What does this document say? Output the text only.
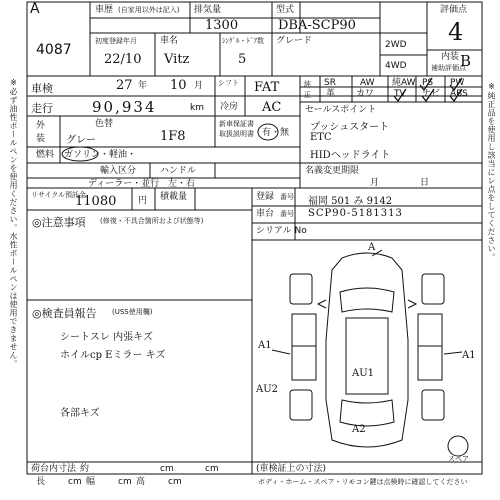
A
4087
※必ず油性ボールペンを使用ください。水性ボールペンは使用できません。	※純正品を使用し該当にレ点をしてください。
車歴 (自家用以外は記入) 排気量
1300
型式
DBA-SCP90
評価点
4
初度登録年月
22/10
車名
Vitz
ｼﾝｸﾞﾙ・ﾄﾞｱ数
5
グレード	2WD
4WD
内装
補助評価点
B
車検	27 年 10 月 シフト FAT
走行	90,934	km 冷房 AC
純
正
SR	AW 純AW PS PW
革 カワ TV ナビ ABS
外
装
色替
グレー	1F8
新車保証書
取扱説明書 有・無
燃料 ガソリン・軽油・
輸入区分	ハンドル
ディーラー・並行 左・右
セールスポイント
プッシュスタート
ETC
HIDヘッドライト
名義変更期限
月	日
リサイクル預託金
11080 円 積載量	登録 番号 福岡 501 み 9142
車台 番号 SCP90-5181313
シリアル No
◎注意事項 (修復・不具合箇所および状態等)
◎検査員報告 (USS使用欄)
シートスレ 内張キズ
ホイルcp Eミラー キズ
各部キズ
A
A1
A1
AU1
AU2
A2
スペア
荷台内寸法 約	cm	cm	(車検証上の寸法)
長	cm 幅	cm 高	cm	ボディ・ホーム・スペア・リモコン鍵は点検時に確認してください
